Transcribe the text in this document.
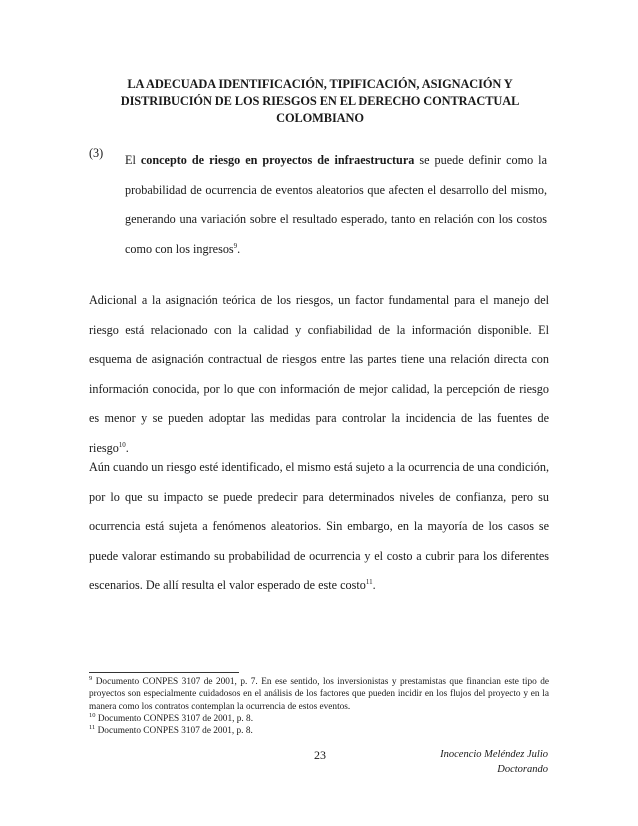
LA ADECUADA IDENTIFICACIÓN, TIPIFICACIÓN, ASIGNACIÓN Y
DISTRIBUCIÓN DE LOS RIESGOS EN EL DERECHO CONTRACTUAL
COLOMBIANO
(3) El concepto de riesgo en proyectos de infraestructura se puede definir como la probabilidad de ocurrencia de eventos aleatorios que afecten el desarrollo del mismo, generando una variación sobre el resultado esperado, tanto en relación con los costos como con los ingresos$^9$.
Adicional a la asignación teórica de los riesgos, un factor fundamental para el manejo del riesgo está relacionado con la calidad y confiabilidad de la información disponible. El esquema de asignación contractual de riesgos entre las partes tiene una relación directa con información conocida, por lo que con información de mejor calidad, la percepción de riesgo es menor y se pueden adoptar las medidas para controlar la incidencia de las fuentes de riesgo$^{10}$.
Aún cuando un riesgo esté identificado, el mismo está sujeto a la ocurrencia de una condición, por lo que su impacto se puede predecir para determinados niveles de confianza, pero su ocurrencia está sujeta a fenómenos aleatorios. Sin embargo, en la mayoría de los casos se puede valorar estimando su probabilidad de ocurrencia y el costo a cubrir para los diferentes escenarios. De allí resulta el valor esperado de este costo$^{11}$.
$^9$ Documento CONPES 3107 de 2001, p. 7. En ese sentido, los inversionistas y prestamistas que financian este tipo de proyectos son especialmente cuidadosos en el análisis de los factores que pueden incidir en los flujos del proyecto y en la manera como los contratos contemplan la ocurrencia de estos eventos.
$^{10}$ Documento CONPES 3107 de 2001, p. 8.
$^{11}$ Documento CONPES 3107 de 2001, p. 8.
23	Inocencio Meléndez Julio
Doctorando
